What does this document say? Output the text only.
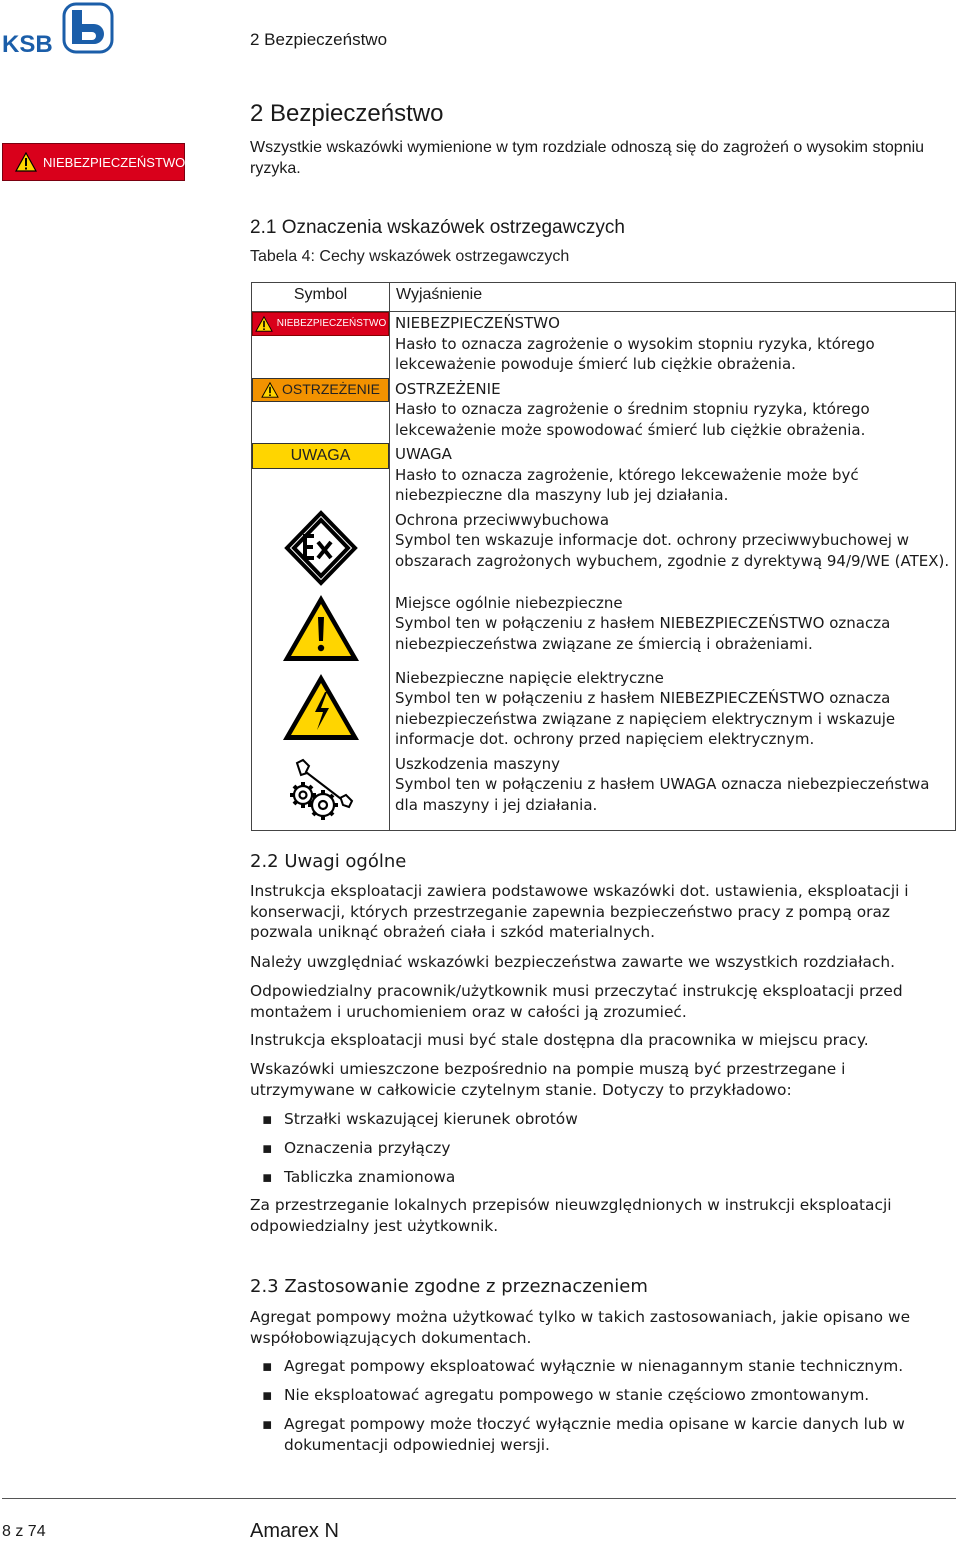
KSB	2 Bezpieczeństwo
2 Bezpieczeństwo
Wszystkie wskazówki wymienione w tym rozdziale odnoszą się do zagrożeń o wysokim stopniu ryzyka.
NIEBEZPIECZEŃSTWO
2.1 Oznaczenia wskazówek ostrzegawczych
Tabela 4: Cechy wskazówek ostrzegawczych
Symbol	Wyjaśnienie

NIEBEZPIECZEŃSTWO	NIEBEZPIECZEŃSTWO
Hasło to oznacza zagrożenie o wysokim stopniu ryzyka, którego lekceważenie powoduje śmierć lub ciężkie obrażenia.

OSTRZEŻENIE	OSTRZEŻENIE
Hasło to oznacza zagrożenie o średnim stopniu ryzyka, którego lekceważenie może spowodować śmierć lub ciężkie obrażenia.

UWAGA	UWAGA
Hasło to oznacza zagrożenie, którego lekceważenie może być niebezpieczne dla maszyny lub jej działania.

Ochrona przeciwwybuchowa
Symbol ten wskazuje informacje dot. ochrony przeciwwybuchowej w obszarach zagrożonych wybuchem, zgodnie z dyrektywą 94/9/WE (ATEX).

Miejsce ogólnie niebezpieczne
Symbol ten w połączeniu z hasłem NIEBEZPIECZEŃSTWO oznacza niebezpieczeństwa związane ze śmiercią i obrażeniami.

Niebezpieczne napięcie elektryczne
Symbol ten w połączeniu z hasłem NIEBEZPIECZEŃSTWO oznacza niebezpieczeństwa związane z napięciem elektrycznym i wskazuje informacje dot. ochrony przed napięciem elektrycznym.

Uszkodzenia maszyny
Symbol ten w połączeniu z hasłem UWAGA oznacza niebezpieczeństwa dla maszyny i jej działania.
2.2 Uwagi ogólne

Instrukcja eksploatacji zawiera podstawowe wskazówki dot. ustawienia, eksploatacji i konserwacji, których przestrzeganie zapewnia bezpieczeństwo pracy z pompą oraz pozwala uniknąć obrażeń ciała i szkód materialnych.

Należy uwzględniać wskazówki bezpieczeństwa zawarte we wszystkich rozdziałach.

Odpowiedzialny pracownik/użytkownik musi przeczytać instrukcję eksploatacji przed montażem i uruchomieniem oraz w całości ją zrozumieć.

Instrukcja eksploatacji musi być stale dostępna dla pracownika w miejscu pracy.

Wskazówki umieszczone bezpośrednio na pompie muszą być przestrzegane i utrzymywane w całkowicie czytelnym stanie. Dotyczy to przykładowo:

▪ Strzałki wskazującej kierunek obrotów
▪ Oznaczenia przyłączy
▪ Tabliczka znamionowa

Za przestrzeganie lokalnych przepisów nieuwzględnionych w instrukcji eksploatacji odpowiedzialny jest użytkownik.

2.3 Zastosowanie zgodne z przeznaczeniem

Agregat pompowy można użytkować tylko w takich zastosowaniach, jakie opisano we współobowiązujących dokumentach.

▪ Agregat pompowy eksploatować wyłącznie w nienagannym stanie technicznym.
▪ Nie eksploatować agregatu pompowego w stanie częściowo zmontowanym.
▪ Agregat pompowy może tłoczyć wyłącznie media opisane w karcie danych lub w dokumentacji odpowiedniej wersji.
8 z 74	Amarex N
